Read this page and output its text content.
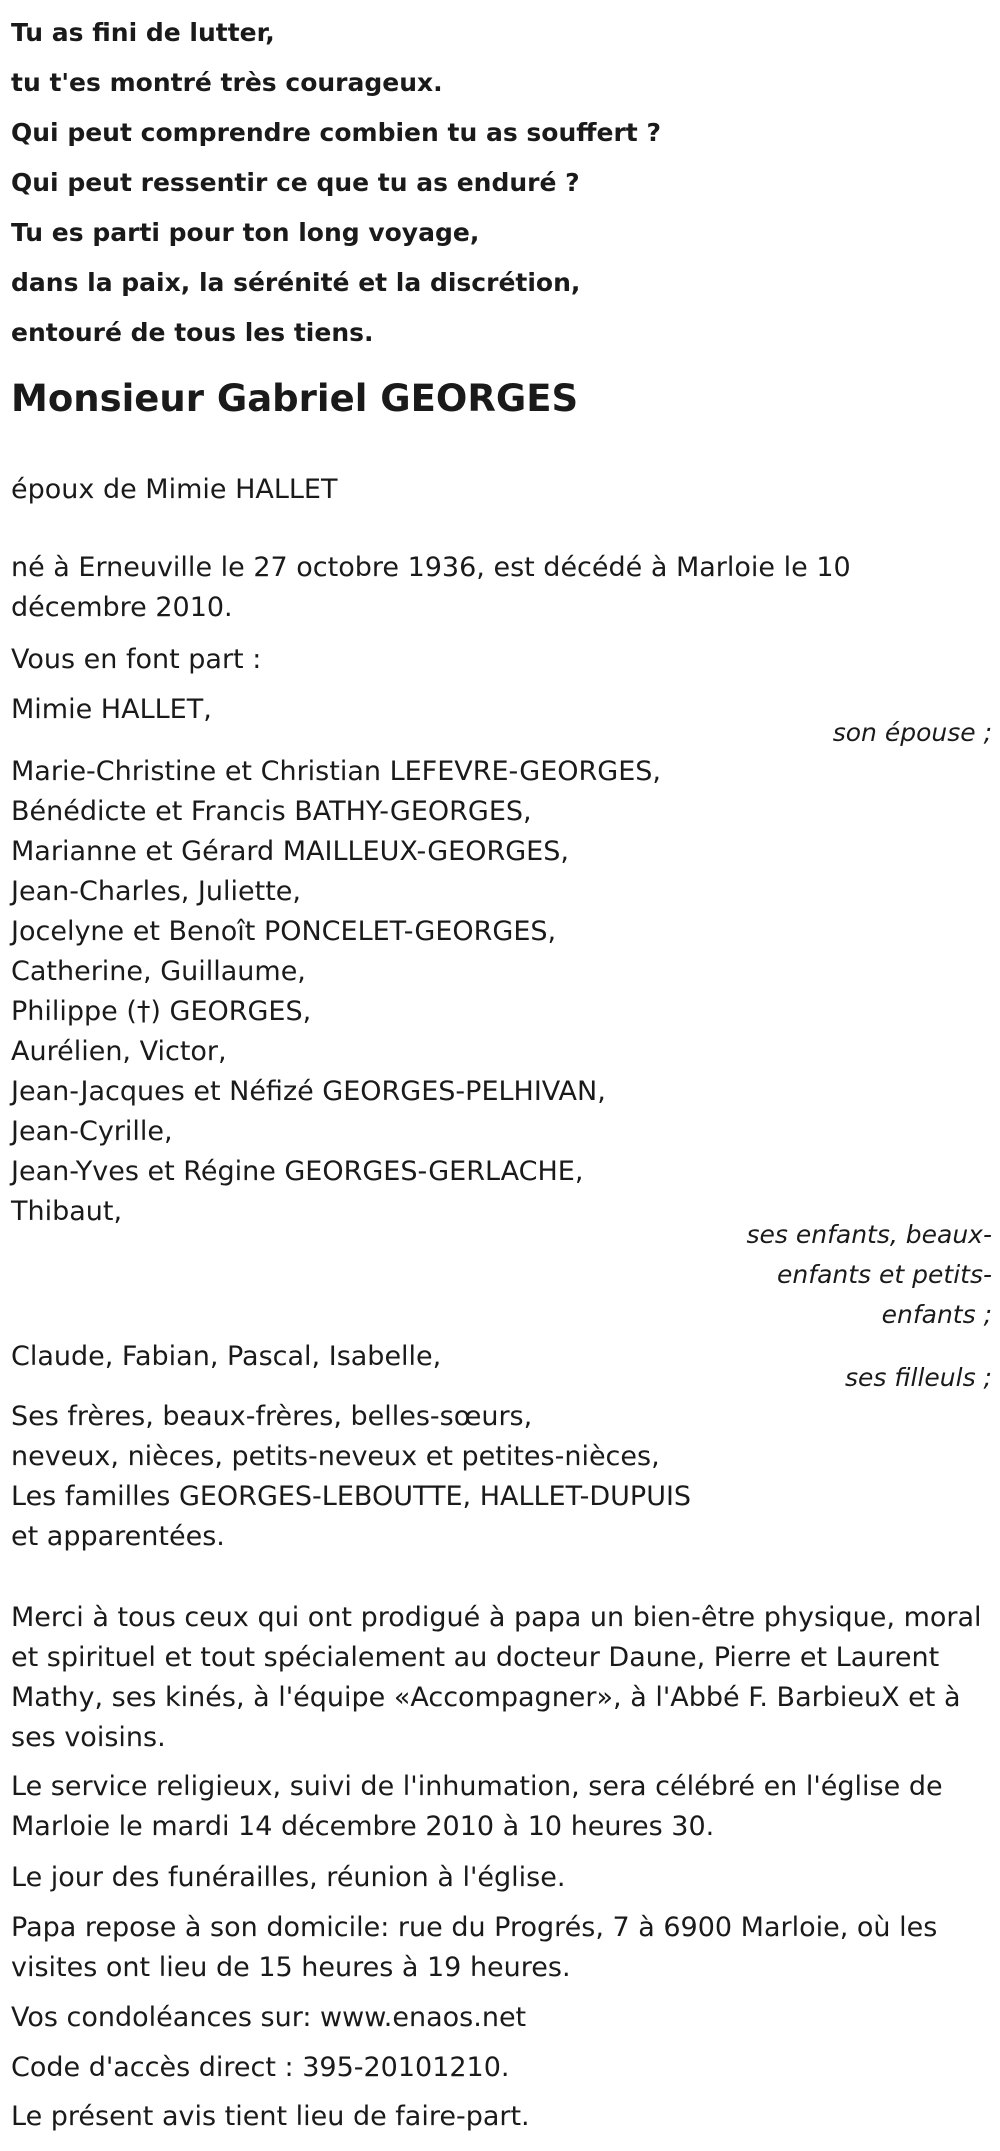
Tu as fini de lutter,

tu t'es montré très courageux.

Qui peut comprendre combien tu as souffert ?

Qui peut ressentir ce que tu as enduré ?

Tu es parti pour ton long voyage,

dans la paix, la sérénité et la discrétion,

entouré de tous les tiens.

Monsieur Gabriel GEORGES

époux de Mimie HALLET

né à Erneuville le 27 octobre 1936, est décédé à Marloie le 10 décembre 2010.

Vous en font part :

Mimie HALLET,

son épouse ;

Marie-Christine et Christian LEFEVRE-GEORGES,

Bénédicte et Francis BATHY-GEORGES,

Marianne et Gérard MAILLEUX-GEORGES,

Jean-Charles, Juliette,

Jocelyne et Benoît PONCELET-GEORGES,

Catherine, Guillaume,

Philippe (†) GEORGES,

Aurélien, Victor,

Jean-Jacques et Néfizé GEORGES-PELHIVAN,

Jean-Cyrille,

Jean-Yves et Régine GEORGES-GERLACHE,

Thibaut,

ses enfants, beaux-

enfants et petits-

enfants ;

Claude, Fabian, Pascal, Isabelle,

ses filleuls ;

Ses frères, beaux-frères, belles-sœurs,

neveux, nièces, petits-neveux et petites-nièces,

Les familles GEORGES-LEBOUTTE, HALLET-DUPUIS

et apparentées.

Merci à tous ceux qui ont prodigué à papa un bien-être physique, moral et spirituel et tout spécialement au docteur Daune, Pierre et Laurent Mathy, ses kinés, à l'équipe «Accompagner», à l'Abbé F. BarbieuX et à ses voisins.

Le service religieux, suivi de l'inhumation, sera célébré en l'église de Marloie le mardi 14 décembre 2010 à 10 heures 30.

Le jour des funérailles, réunion à l'église.

Papa repose à son domicile: rue du Progrés, 7 à 6900 Marloie, où les visites ont lieu de 15 heures à 19 heures.

Vos condoléances sur: www.enaos.net

Code d'accès direct : 395-20101210.

Le présent avis tient lieu de faire-part.
